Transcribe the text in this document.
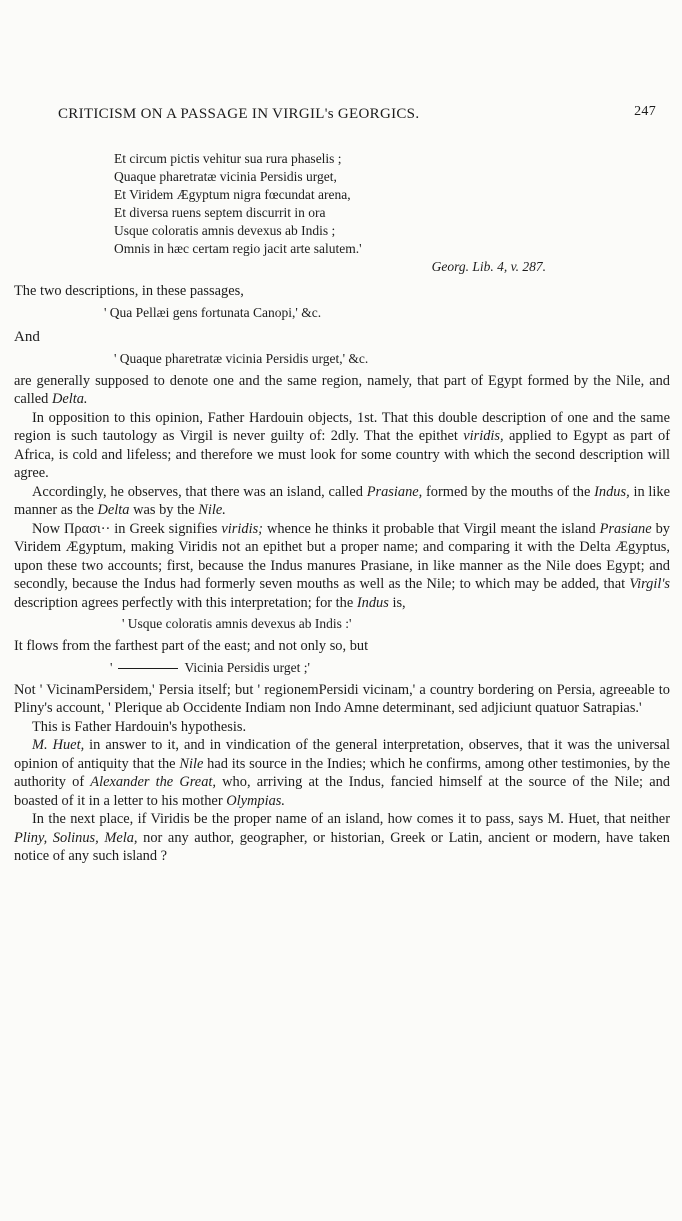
CRITICISM ON A PASSAGE IN VIRGIL's GEORGICS.	247
Et circum pictis vehitur sua rura phaselis ;
Quaque pharetratæ vicinia Persidis urget,
Et Viridem Ægyptum nigra fœcundat arena,
Et diversa ruens septem discurrit in ora
Usque coloratis amnis devexus ab Indis ;
Omnis in hæc certam regio jacit arte salutem.'
Georg. Lib. 4, v. 287.

The two descriptions, in these passages,

' Qua Pellæi gens fortunata Canopi,' &c.
And
' Quaque pharetratæ vicinia Persidis urget,' &c.

are generally supposed to denote one and the same region, namely, that part of Egypt formed by the Nile, and called Delta.

In opposition to this opinion, Father Hardouin objects, 1st. That this double description of one and the same region is such tautology as Virgil is never guilty of: 2dly. That the epithet viridis, applied to Egypt as part of Africa, is cold and lifeless; and therefore we must look for some country with which the second description will agree.

Accordingly, he observes, that there was an island, called Prasiane, formed by the mouths of the Indus, in like manner as the Delta was by the Nile.

Now Πρασι·· in Greek signifies viridis; whence he thinks it probable that Virgil meant the island Prasiane by Viridem Ægyptum, making Viridis not an epithet but a proper name; and comparing it with the Delta Ægyptus, upon these two accounts; first, because the Indus manures Prasiane, in like manner as the Nile does Egypt; and secondly, because the Indus had formerly seven mouths as well as the Nile; to which may be added, that Virgil's description agrees perfectly with this interpretation; for the Indus is,

' Usque coloratis amnis devexus ab Indis :'

It flows from the farthest part of the east; and not only so, but

'	Vicinia Persidis urget ;'

Not ' VicinamPersidem,' Persia itself; but ' regionemPersidi vicinam,' a country bordering on Persia, agreeable to Pliny's account, ' Plerique ab Occidente Indiam non Indo Amne determinant, sed adjiciunt quatuor Satrapias.'

This is Father Hardouin's hypothesis.

M. Huet, in answer to it, and in vindication of the general interpretation, observes, that it was the universal opinion of antiquity that the Nile had its source in the Indies; which he confirms, among other testimonies, by the authority of Alexander the Great, who, arriving at the Indus, fancied himself at the source of the Nile; and boasted of it in a letter to his mother Olympias.

In the next place, if Viridis be the proper name of an island, how comes it to pass, says M. Huet, that neither Pliny, Solinus, Mela, nor any author, geographer, or historian, Greek or Latin, ancient or modern, have taken notice of any such island ?
